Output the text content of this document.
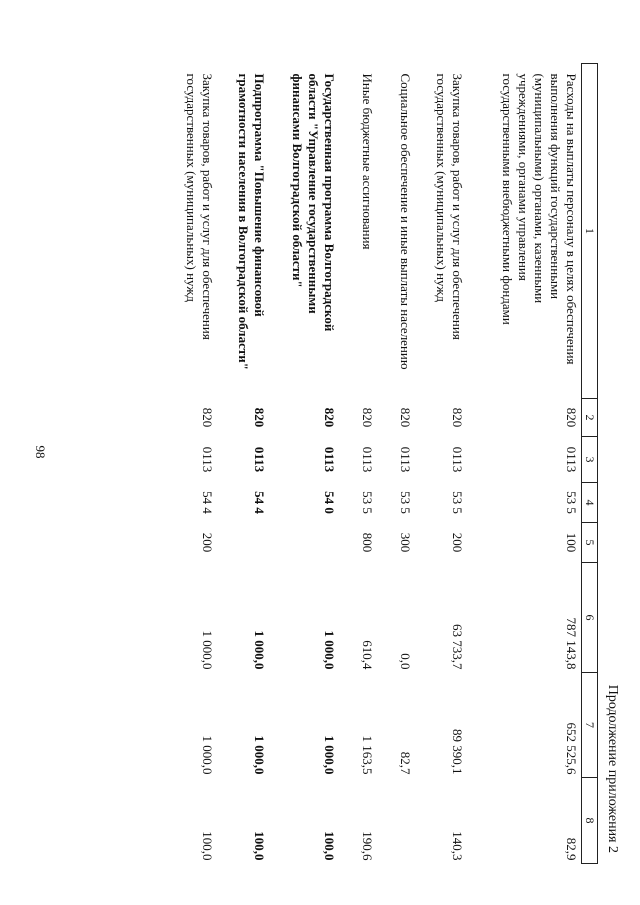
98
Продолжение приложения 2
1	2	3	4	5	6	7	8

Расходы на выплаты персоналу в целях обеспечения
выполнения функций государственными
(муниципальными) органами, казенными
учреждениями, органами управления
государственными внебюджетными фондами	820	0113	53 5	100	787 143,8	652 525,6	82,9

Закупка товаров, работ и услуг для обеспечения
государственных (муниципальных) нужд	820	0113	53 5	200	63 733,7	89 390,1	140,3

Социальное обеспечение и иные выплаты населению	820	0113	53 5	300	0,0	82,7	

Иные бюджетные ассигнования	820	0113	53 5	800	610,4	1 163,5	190,6

Государственная программа Волгоградской
области "Управление государственными
финансами Волгоградской области"	820	0113	54 0		1 000,0	1 000,0	100,0

Подпрограмма "Повышение финансовой
грамотности населения в Волгоградской области"	820	0113	54 4		1 000,0	1 000,0	100,0

Закупка товаров, работ и услуг для обеспечения
государственных (муниципальных) нужд	820	0113	54 4	200	1 000,0	1 000,0	100,0
